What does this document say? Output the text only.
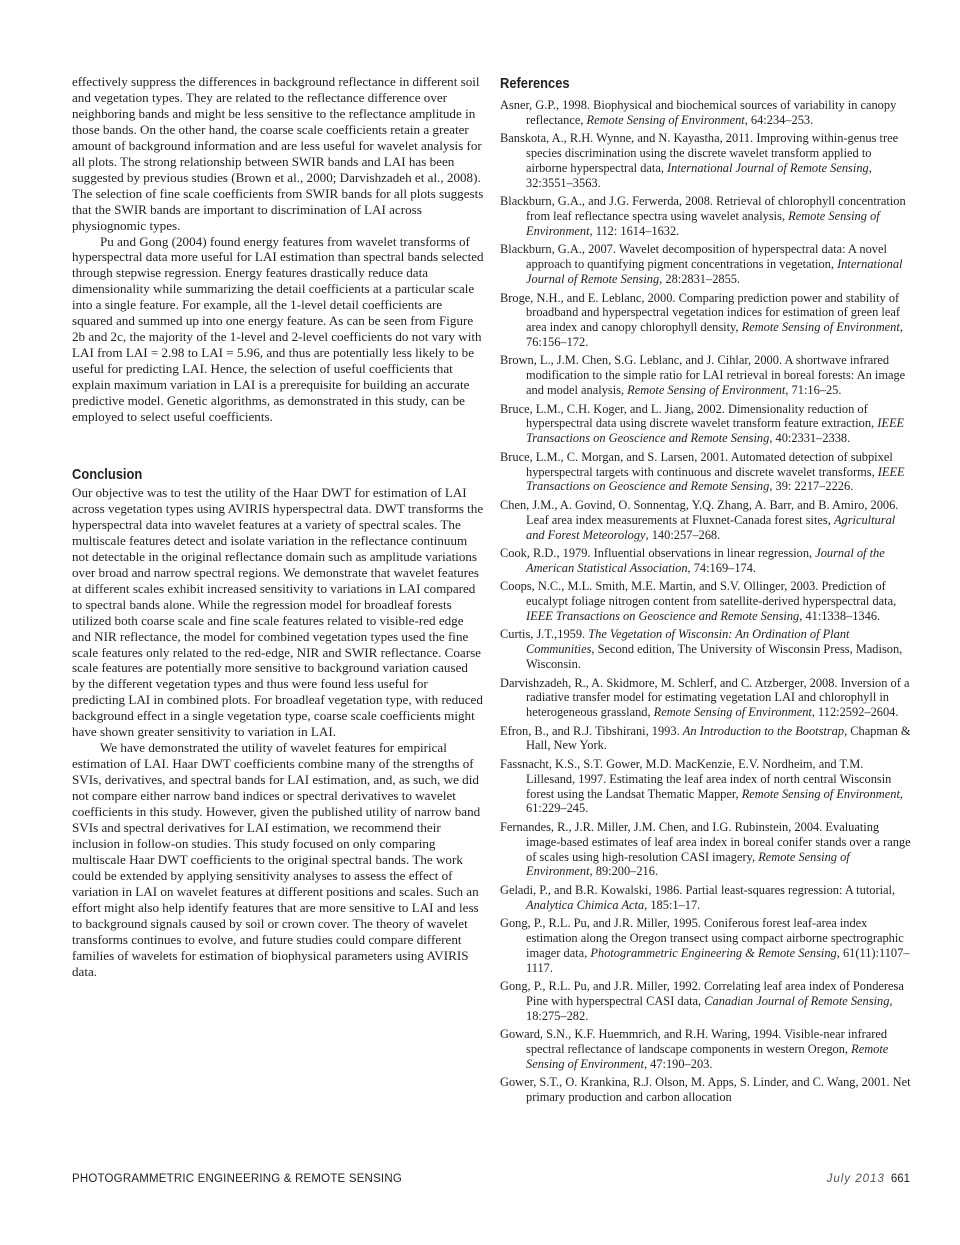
effectively suppress the differences in background reflectance in different soil and vegetation types. They are related to the reflectance difference over neighboring bands and might be less sensitive to the reflectance amplitude in those bands. On the other hand, the coarse scale coefficients retain a greater amount of background information and are less useful for wavelet analysis for all plots. The strong relationship between SWIR bands and LAI has been suggested by previous studies (Brown et al., 2000; Darvishzadeh et al., 2008). The selection of fine scale coefficients from SWIR bands for all plots suggests that the SWIR bands are important to discrimination of LAI across physiognomic types.

Pu and Gong (2004) found energy features from wavelet transforms of hyperspectral data more useful for LAI estimation than spectral bands selected through stepwise regression. Energy features drastically reduce data dimensionality while summarizing the detail coefficients at a particular scale into a single feature. For example, all the 1-level detail coefficients are squared and summed up into one energy feature. As can be seen from Figure 2b and 2c, the majority of the 1-level and 2-level coefficients do not vary with LAI from LAI = 2.98 to LAI = 5.96, and thus are potentially less likely to be useful for predicting LAI. Hence, the selection of useful coefficients that explain maximum variation in LAI is a prerequisite for building an accurate predictive model. Genetic algorithms, as demonstrated in this study, can be employed to select useful coefficients.

Conclusion

Our objective was to test the utility of the Haar DWT for estimation of LAI across vegetation types using AVIRIS hyperspectral data. DWT transforms the hyperspectral data into wavelet features at a variety of spectral scales. The multiscale features detect and isolate variation in the reflectance continuum not detectable in the original reflectance domain such as amplitude variations over broad and narrow spectral regions. We demonstrate that wavelet features at different scales exhibit increased sensitivity to variations in LAI compared to spectral bands alone. While the regression model for broadleaf forests utilized both coarse scale and fine scale features related to visible-red edge and NIR reflectance, the model for combined vegetation types used the fine scale features only related to the red-edge, NIR and SWIR reflectance. Coarse scale features are potentially more sensitive to background variation caused by the different vegetation types and thus were found less useful for predicting LAI in combined plots. For broadleaf vegetation type, with reduced background effect in a single vegetation type, coarse scale coefficients might have shown greater sensitivity to variation in LAI.

We have demonstrated the utility of wavelet features for empirical estimation of LAI. Haar DWT coefficients combine many of the strengths of SVIs, derivatives, and spectral bands for LAI estimation, and, as such, we did not compare either narrow band indices or spectral derivatives to wavelet coefficients in this study. However, given the published utility of narrow band SVIs and spectral derivatives for LAI estimation, we recommend their inclusion in follow-on studies. This study focused on only comparing multiscale Haar DWT coefficients to the original spectral bands. The work could be extended by applying sensitivity analyses to assess the effect of variation in LAI on wavelet features at different positions and scales. Such an effort might also help identify features that are more sensitive to LAI and less to background signals caused by soil or crown cover. The theory of wavelet transforms continues to evolve, and future studies could compare different families of wavelets for estimation of biophysical parameters using AVIRIS data.

References
Asner, G.P., 1998. Biophysical and biochemical sources of variability in canopy reflectance, Remote Sensing of Environment, 64:234–253.
Banskota, A., R.H. Wynne, and N. Kayastha, 2011. Improving within-genus tree species discrimination using the discrete wavelet transform applied to airborne hyperspectral data, International Journal of Remote Sensing, 32:3551–3563.
Blackburn, G.A., and J.G. Ferwerda, 2008. Retrieval of chlorophyll concentration from leaf reflectance spectra using wavelet analysis, Remote Sensing of Environment, 112: 1614–1632.
Blackburn, G.A., 2007. Wavelet decomposition of hyperspectral data: A novel approach to quantifying pigment concentrations in vegetation, International Journal of Remote Sensing, 28:2831–2855.
Broge, N.H., and E. Leblanc, 2000. Comparing prediction power and stability of broadband and hyperspectral vegetation indices for estimation of green leaf area index and canopy chlorophyll density, Remote Sensing of Environment, 76:156–172.
Brown, L., J.M. Chen, S.G. Leblanc, and J. Cihlar, 2000. A shortwave infrared modification to the simple ratio for LAI retrieval in boreal forests: An image and model analysis, Remote Sensing of Environment, 71:16–25.
Bruce, L.M., C.H. Koger, and L. Jiang, 2002. Dimensionality reduction of hyperspectral data using discrete wavelet transform feature extraction, IEEE Transactions on Geoscience and Remote Sensing, 40:2331–2338.
Bruce, L.M., C. Morgan, and S. Larsen, 2001. Automated detection of subpixel hyperspectral targets with continuous and discrete wavelet transforms, IEEE Transactions on Geoscience and Remote Sensing, 39: 2217–2226.
Chen, J.M., A. Govind, O. Sonnentag, Y.Q. Zhang, A. Barr, and B. Amiro, 2006. Leaf area index measurements at Fluxnet-Canada forest sites, Agricultural and Forest Meteorology, 140:257–268.
Cook, R.D., 1979. Influential observations in linear regression, Journal of the American Statistical Association, 74:169–174.
Coops, N.C., M.L. Smith, M.E. Martin, and S.V. Ollinger, 2003. Prediction of eucalypt foliage nitrogen content from satellite-derived hyperspectral data, IEEE Transactions on Geoscience and Remote Sensing, 41:1338–1346.
Curtis, J.T.,1959. The Vegetation of Wisconsin: An Ordination of Plant Communities, Second edition, The University of Wisconsin Press, Madison, Wisconsin.
Darvishzadeh, R., A. Skidmore, M. Schlerf, and C. Atzberger, 2008. Inversion of a radiative transfer model for estimating vegetation LAI and chlorophyll in heterogeneous grassland, Remote Sensing of Environment, 112:2592–2604.
Efron, B., and R.J. Tibshirani, 1993. An Introduction to the Bootstrap, Chapman & Hall, New York.
Fassnacht, K.S., S.T. Gower, M.D. MacKenzie, E.V. Nordheim, and T.M. Lillesand, 1997. Estimating the leaf area index of north central Wisconsin forest using the Landsat Thematic Mapper, Remote Sensing of Environment, 61:229–245.
Fernandes, R., J.R. Miller, J.M. Chen, and I.G. Rubinstein, 2004. Evaluating image-based estimates of leaf area index in boreal conifer stands over a range of scales using high-resolution CASI imagery, Remote Sensing of Environment, 89:200–216.
Geladi, P., and B.R. Kowalski, 1986. Partial least-squares regression: A tutorial, Analytica Chimica Acta, 185:1–17.
Gong, P., R.L. Pu, and J.R. Miller, 1995. Coniferous forest leaf-area index estimation along the Oregon transect using compact airborne spectrographic imager data, Photogrammetric Engineering & Remote Sensing, 61(11):1107–1117.
Gong, P., R.L. Pu, and J.R. Miller, 1992. Correlating leaf area index of Ponderesa Pine with hyperspectral CASI data, Canadian Journal of Remote Sensing, 18:275–282.
Goward, S.N., K.F. Huemmrich, and R.H. Waring, 1994. Visible-near infrared spectral reflectance of landscape components in western Oregon, Remote Sensing of Environment, 47:190–203.
Gower, S.T., O. Krankina, R.J. Olson, M. Apps, S. Linder, and C. Wang, 2001. Net primary production and carbon allocation
PHOTOGRAMMETRIC ENGINEERING & REMOTE SENSING	July 2013 661
